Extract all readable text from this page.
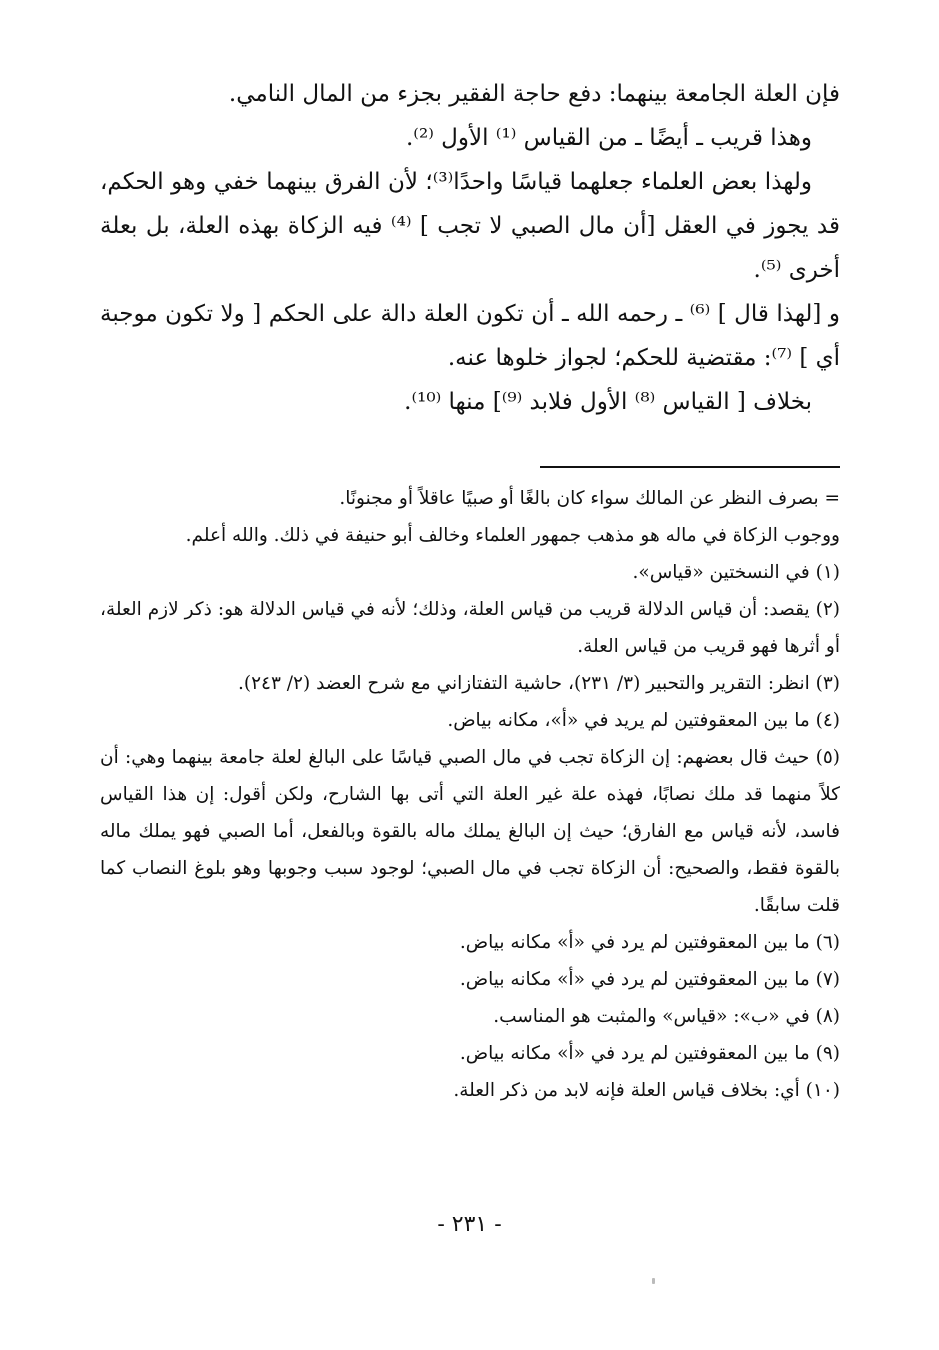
فإن العلة الجامعة بينهما: دفع حاجة الفقير بجزء من المال النامي.

وهذا قريب ـ أيضًا ـ من القياس ⁽¹⁾ الأول ⁽²⁾.

ولهذا بعض العلماء جعلهما قياسًا واحدًا⁽³⁾؛ لأن الفرق بينهما خفي وهو الحكم، قد يجوز في العقل [أن مال الصبي لا تجب ] ⁽⁴⁾ فيه الزكاة بهذه العلة، بل بعلة أخرى ⁽⁵⁾.

و [لهذا قال ] ⁽⁶⁾ ـ رحمه الله ـ أن تكون العلة دالة على الحكم [ ولا تكون موجبة أي ] ⁽⁷⁾: مقتضية للحكم؛ لجواز خلوها عنه.

بخلاف [ القياس ⁽⁸⁾ الأول فلابد ⁽⁹⁾] منها ⁽¹⁰⁾.

= بصرف النظر عن المالك سواء كان بالغًا أو صبيًا عاقلاً أو مجنونًا.

ووجوب الزكاة في ماله هو مذهب جمهور العلماء وخالف أبو حنيفة في ذلك. والله أعلم.

(١) في النسختين «قياس».

(٢) يقصد: أن قياس الدلالة قريب من قياس العلة، وذلك؛ لأنه في قياس الدلالة هو: ذكر لازم العلة، أو أثرها فهو قريب من قياس العلة.

(٣) انظر: التقرير والتحبير (٣/ ٢٣١)، حاشية التفتازاني مع شرح العضد (٢/ ٢٤٣).

(٤) ما بين المعقوفتين لم يريد في «أ»، مكانه بياض.

(٥) حيث قال بعضهم: إن الزكاة تجب في مال الصبي قياسًا على البالغ لعلة جامعة بينهما وهي: أن كلاً منهما قد ملك نصابًا، فهذه علة غير العلة التي أتى بها الشارح، ولكن أقول: إن هذا القياس فاسد، لأنه قياس مع الفارق؛ حيث إن البالغ يملك ماله بالقوة وبالفعل، أما الصبي فهو يملك ماله بالقوة فقط، والصحيح: أن الزكاة تجب في مال الصبي؛ لوجود سبب وجوبها وهو بلوغ النصاب كما قلت سابقًا.

(٦) ما بين المعقوفتين لم يرد في «أ» مكانه بياض.

(٧) ما بين المعقوفتين لم يرد في «أ» مكانه بياض.

(٨) في «ب»: «قياس» والمثبت هو المناسب.

(٩) ما بين المعقوفتين لم يرد في «أ» مكانه بياض.

(١٠) أي: بخلاف قياس العلة فإنه لابد من ذكر العلة.

- ٢٣١ -
